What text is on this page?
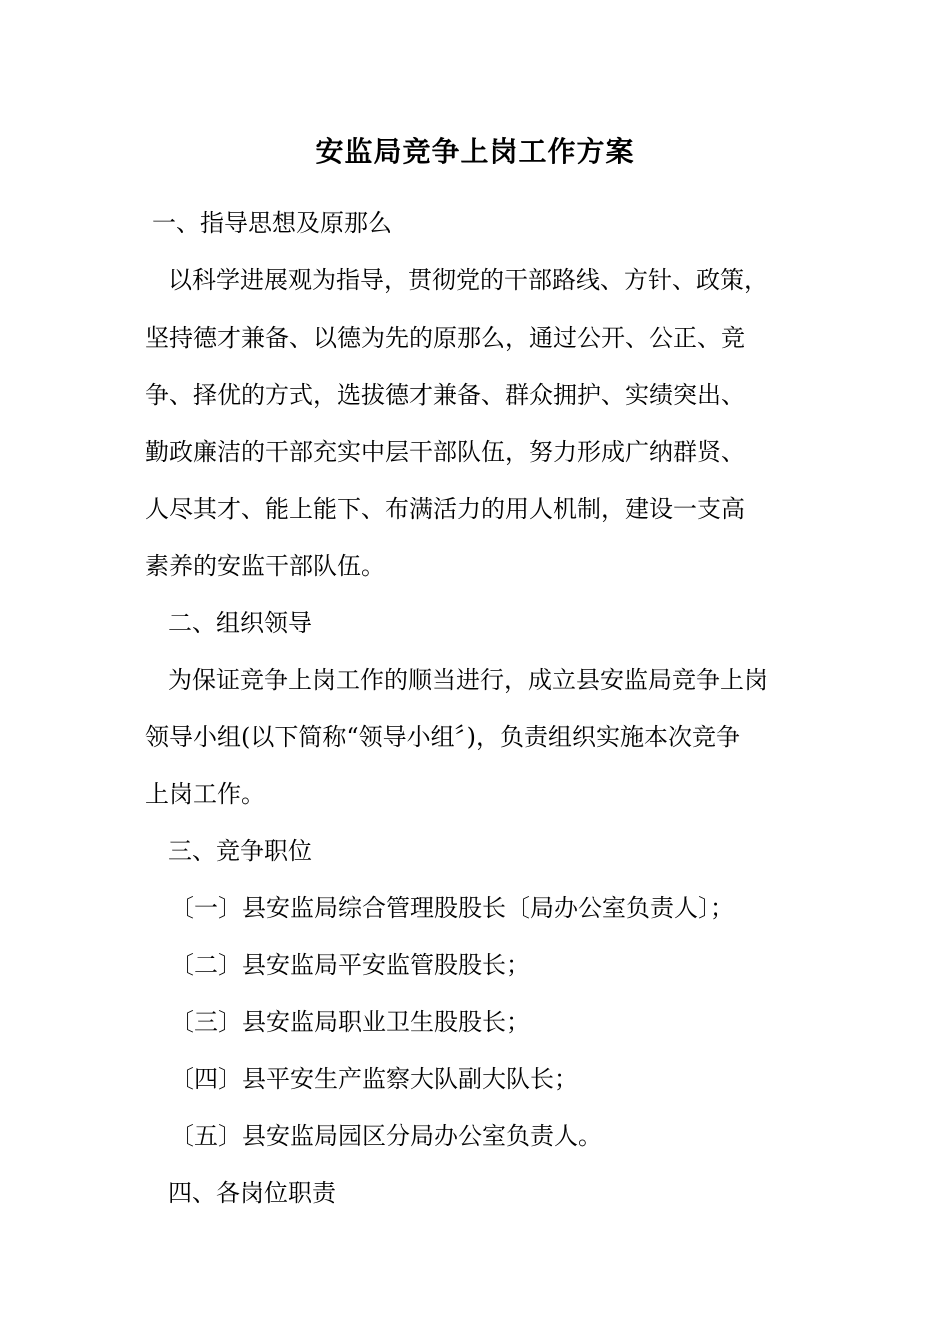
安监局竞争上岗工作方案
一、指导思想及原那么
以科学进展观为指导，贯彻党的干部路线、方针、政策，
坚持德才兼备、以德为先的原那么，通过公开、公正、竞
争、择优的方式，选拔德才兼备、群众拥护、实绩突出、
勤政廉洁的干部充实中层干部队伍，努力形成广纳群贤、
人尽其才、能上能下、布满活力的用人机制，建设一支高
素养的安监干部队伍。
二、组织领导
为保证竞争上岗工作的顺当进行，成立县安监局竞争上岗
领导小组(以下简称“领导小组〞)，负责组织实施本次竞争
上岗工作。
三、竞争职位
〔一〕县安监局综合管理股股长〔局办公室负责人〕；
〔二〕县安监局平安监管股股长；
〔三〕县安监局职业卫生股股长；
〔四〕县平安生产监察大队副大队长；
〔五〕县安监局园区分局办公室负责人。
四、各岗位职责
